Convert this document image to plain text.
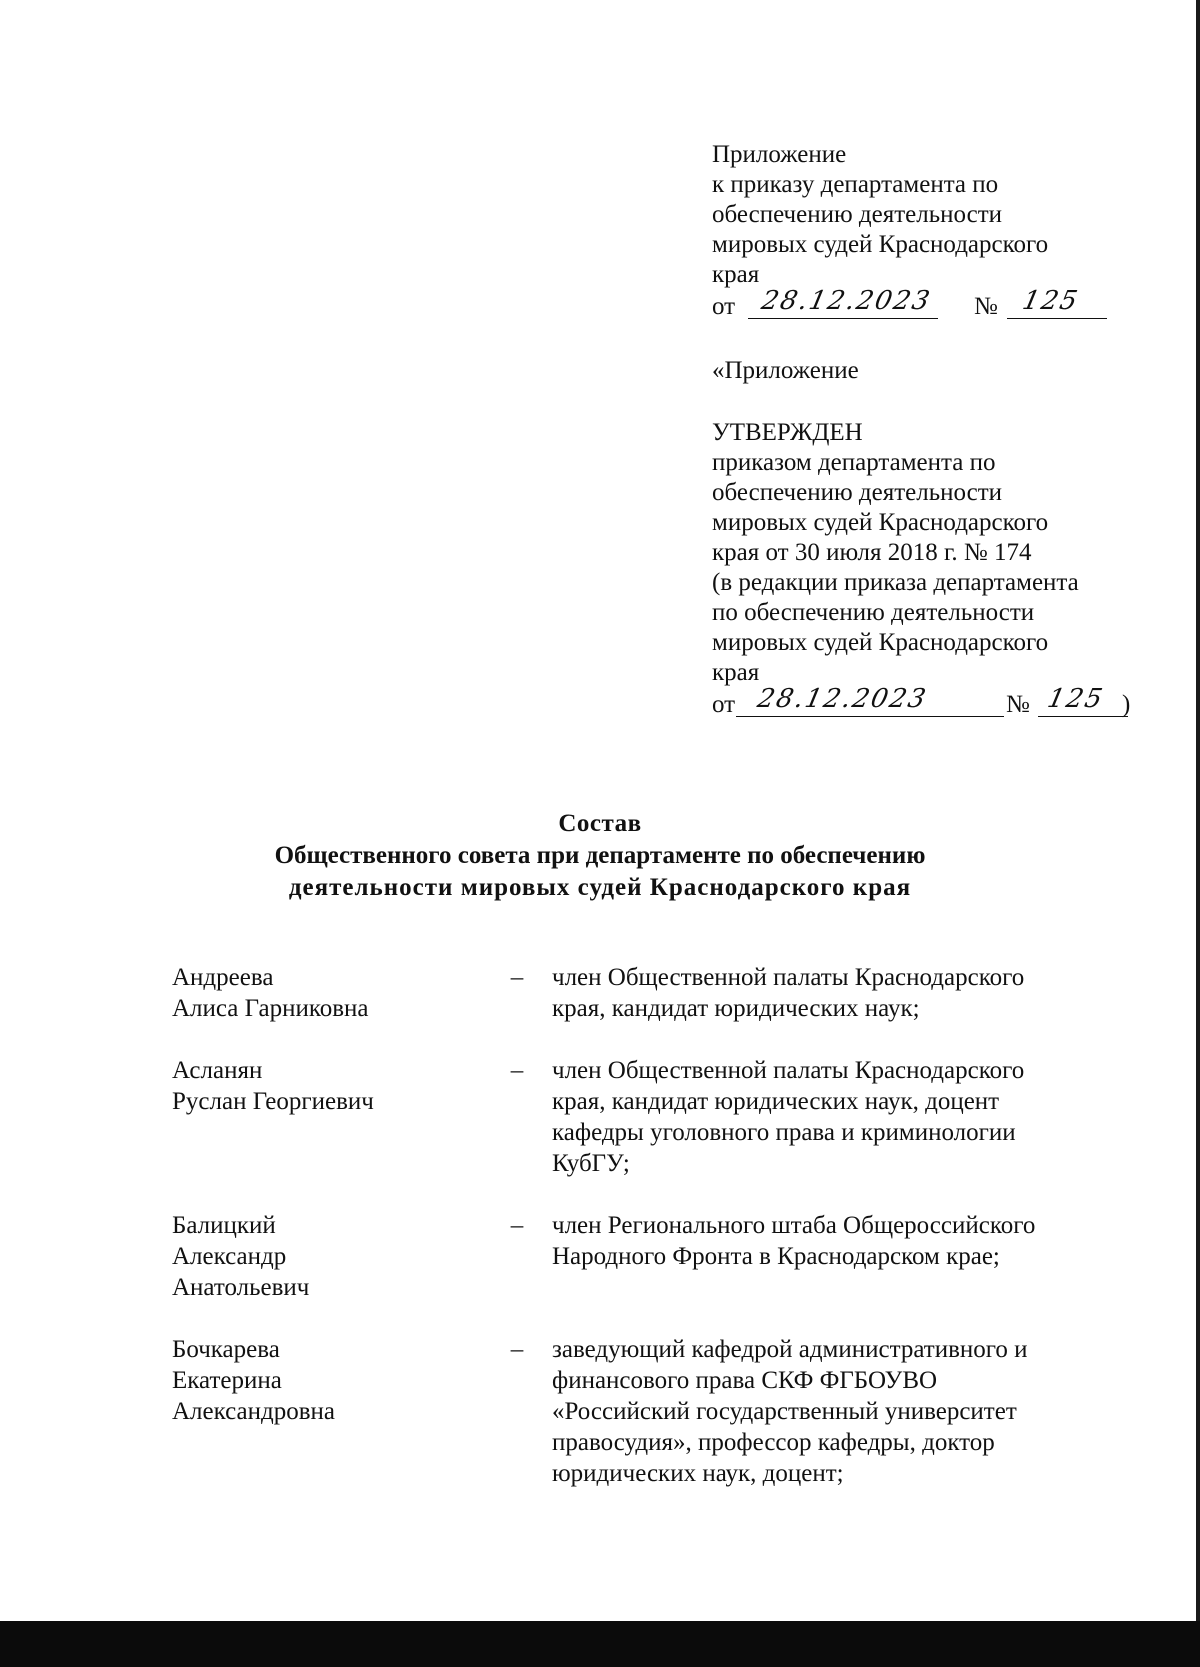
Приложение
к приказу департамента по
обеспечению деятельности
мировых судей Краснодарского
края
от 28.12.2023 № 125
«Приложение
УТВЕРЖДЕН
приказом департамента по
обеспечению деятельности
мировых судей Краснодарского
края от 30 июля 2018 г. № 174
(в редакции приказа департамента
по обеспечению деятельности
мировых судей Краснодарского
края
от 28.12.2023	№ 125 )
Состав
Общественного совета при департаменте по обеспечению
деятельности мировых судей Краснодарского края
Андреева
Алиса Гарниковна
–	член Общественной палаты Краснодарского
края, кандидат юридических наук;
Асланян
Руслан Георгиевич
–	член Общественной палаты Краснодарского
края, кандидат юридических наук, доцент
кафедры уголовного права и криминологии
КубГУ;
Балицкий
Александр
Анатольевич
–	член Регионального штаба Общероссийского
Народного Фронта в Краснодарском крае;
Бочкарева
Екатерина
Александровна
–	заведующий кафедрой административного и
финансового права СКФ ФГБОУВО
«Российский государственный университет
правосудия», профессор кафедры, доктор
юридических наук, доцент;
